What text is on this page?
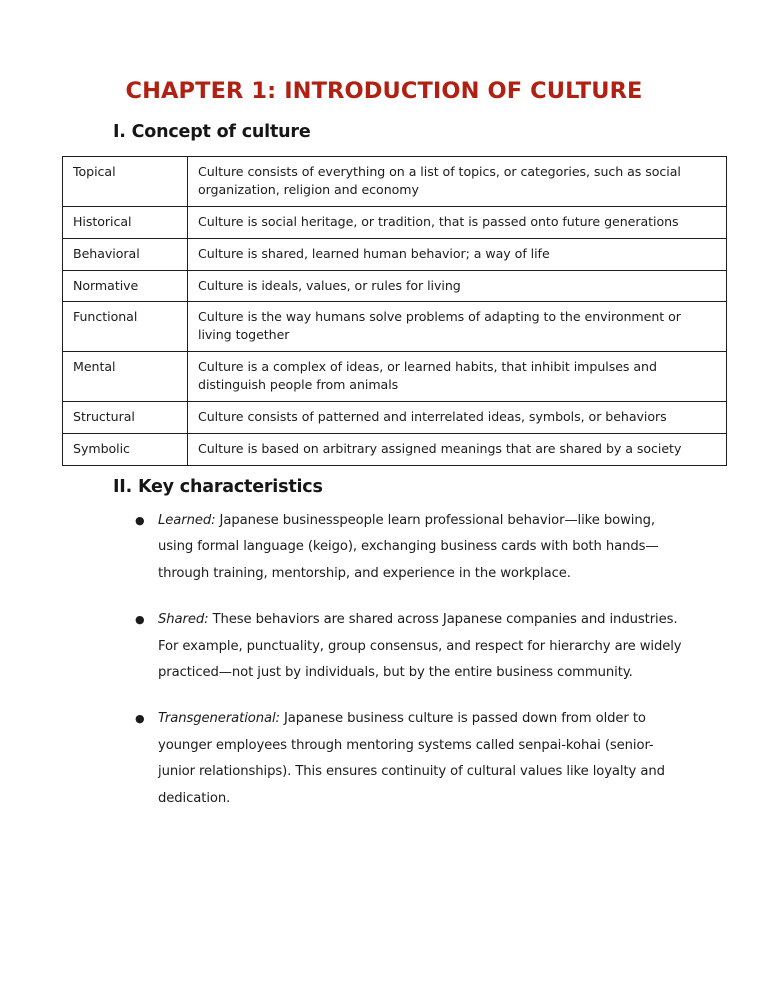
CHAPTER 1: INTRODUCTION OF CULTURE
I. Concept of culture
Topical	Culture consists of everything on a list of topics, or categories, such as social organization, religion and economy
Historical	Culture is social heritage, or tradition, that is passed onto future generations
Behavioral	Culture is shared, learned human behavior; a way of life
Normative	Culture is ideals, values, or rules for living
Functional	Culture is the way humans solve problems of adapting to the environment or living together
Mental	Culture is a complex of ideas, or learned habits, that inhibit impulses and distinguish people from animals
Structural	Culture consists of patterned and interrelated ideas, symbols, or behaviors
Symbolic	Culture is based on arbitrary assigned meanings that are shared by a society
II. Key characteristics
● Learned: Japanese businesspeople learn professional behavior—like bowing, using formal language (keigo), exchanging business cards with both hands—through training, mentorship, and experience in the workplace.
● Shared: These behaviors are shared across Japanese companies and industries. For example, punctuality, group consensus, and respect for hierarchy are widely practiced—not just by individuals, but by the entire business community.
● Transgenerational: Japanese business culture is passed down from older to younger employees through mentoring systems called senpai-kohai (senior-junior relationships). This ensures continuity of cultural values like loyalty and dedication.
